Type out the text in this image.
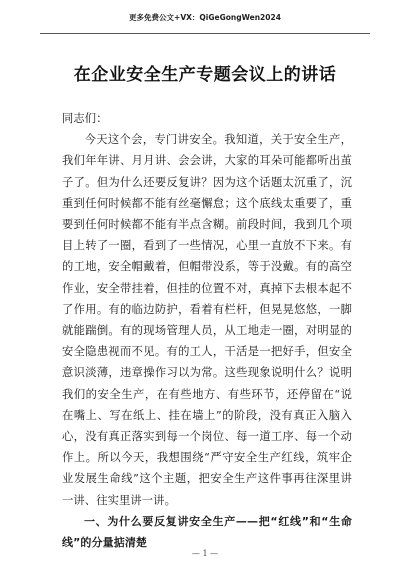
更多免费公文+VX：QiGeGongWen2024
在企业安全生产专题会议上的讲话

同志们：

今天这个会，专门讲安全。我知道，关于安全生产，我们年年讲、月月讲、会会讲，大家的耳朵可能都听出茧子了。但为什么还要反复讲？因为这个话题太沉重了，沉重到任何时候都不能有丝毫懈怠；这个底线太重要了，重要到任何时候都不能有半点含糊。前段时间，我到几个项目上转了一圈，看到了一些情况，心里一直放不下来。有的工地，安全帽戴着，但帽带没系，等于没戴。有的高空作业，安全带挂着，但挂的位置不对，真掉下去根本起不了作用。有的临边防护，看着有栏杆，但晃晃悠悠，一脚就能踹倒。有的现场管理人员，从工地走一圈，对明显的安全隐患视而不见。有的工人，干活是一把好手，但安全意识淡薄，违章操作习以为常。这些现象说明什么？说明我们的安全生产，在有些地方、有些环节，还停留在“说在嘴上、写在纸上、挂在墙上”的阶段，没有真正入脑入心，没有真正落实到每一个岗位、每一道工序、每一个动作上。所以今天，我想围绕“严守安全生产红线，筑牢企业发展生命线”这个主题，把安全生产这件事再往深里讲一讲、往实里讲一讲。

一、为什么要反复讲安全生产——把“红线”和“生命线”的分量掂清楚

— 1 —
